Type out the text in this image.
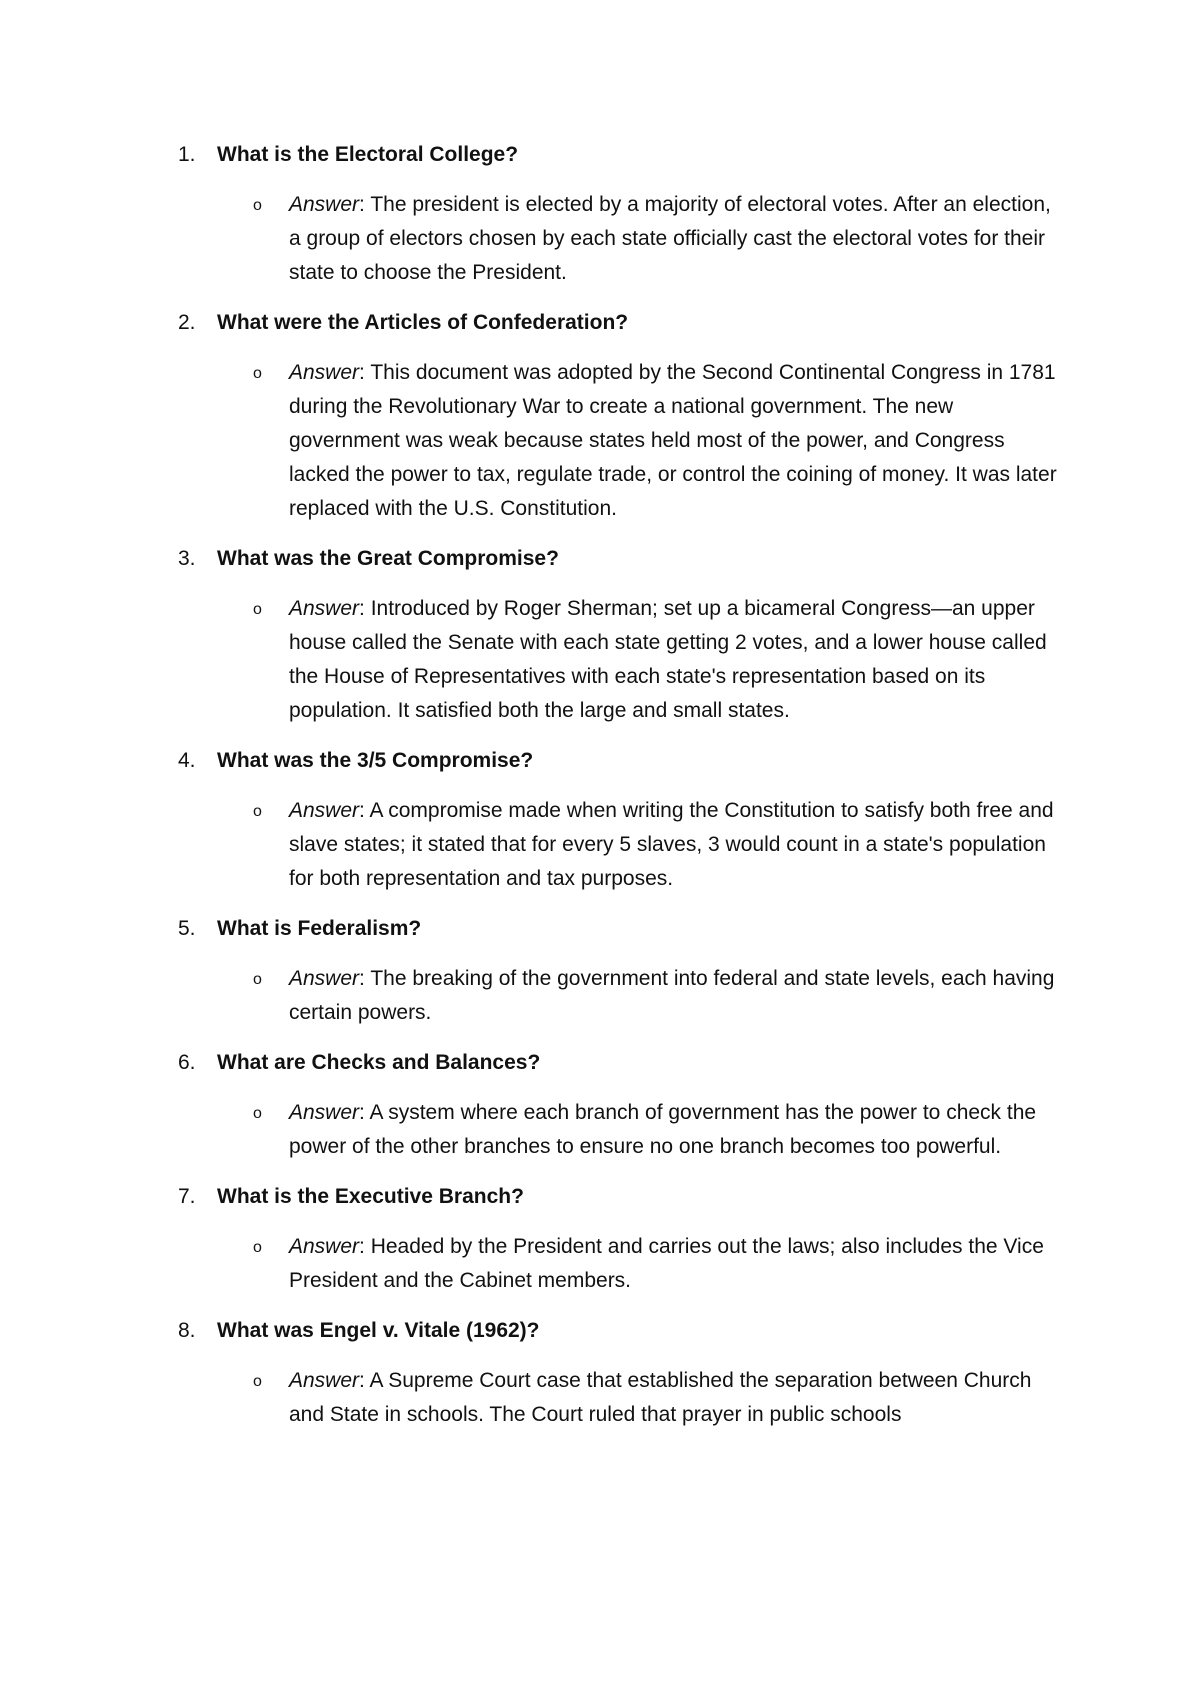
1.	What is the Electoral College?
o Answer: The president is elected by a majority of electoral votes. After an election, a group of electors chosen by each state officially cast the electoral votes for their state to choose the President.
2.	What were the Articles of Confederation?
o Answer: This document was adopted by the Second Continental Congress in 1781 during the Revolutionary War to create a national government. The new government was weak because states held most of the power, and Congress lacked the power to tax, regulate trade, or control the coining of money. It was later replaced with the U.S. Constitution.
3.	What was the Great Compromise?
o Answer: Introduced by Roger Sherman; set up a bicameral Congress—an upper house called the Senate with each state getting 2 votes, and a lower house called the House of Representatives with each state's representation based on its population. It satisfied both the large and small states.
4.	What was the 3/5 Compromise?
o Answer: A compromise made when writing the Constitution to satisfy both free and slave states; it stated that for every 5 slaves, 3 would count in a state's population for both representation and tax purposes.
5.	What is Federalism?
o Answer: The breaking of the government into federal and state levels, each having certain powers.
6.	What are Checks and Balances?
o Answer: A system where each branch of government has the power to check the power of the other branches to ensure no one branch becomes too powerful.
7.	What is the Executive Branch?
o Answer: Headed by the President and carries out the laws; also includes the Vice President and the Cabinet members.
8.	What was Engel v. Vitale (1962)?
o Answer: A Supreme Court case that established the separation between Church and State in schools. The Court ruled that prayer in public schools
